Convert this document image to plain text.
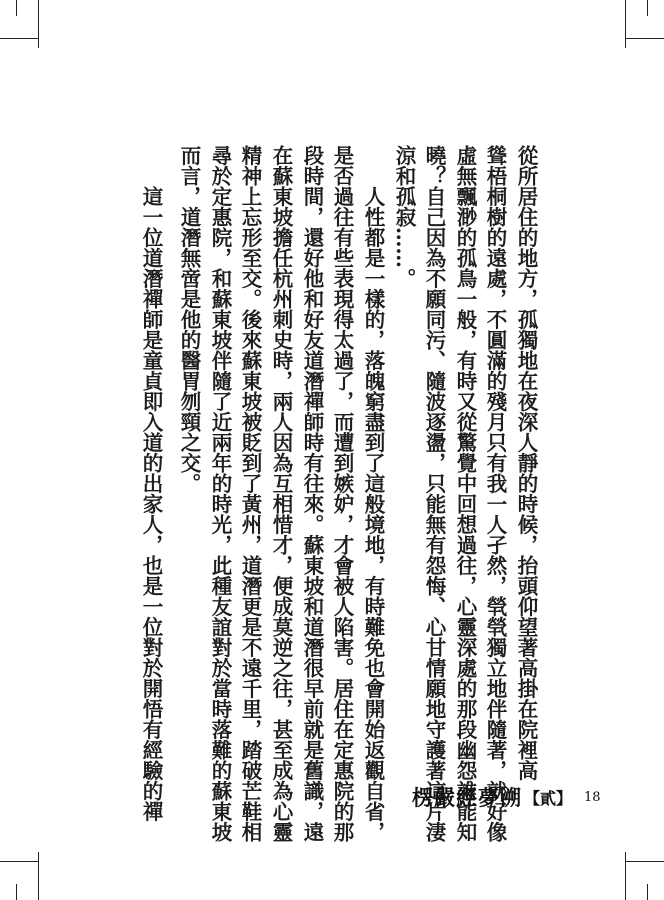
從所居住的地方，孤獨地在夜深人靜的時候，抬頭仰望著高掛在院裡高
聳梧桐樹的遠處，不圓滿的殘月只有我一人孑然，煢煢獨立地伴隨著，就好像
虛無飄渺的孤鳥一般，有時又從驚覺中回想過往，心靈深處的那段幽怨誰能知
曉？自己因為不願同污、隨波逐盪，只能無有怨悔、心甘情願地守護著這片淒
涼和孤寂……。
人性都是一樣的，落魄窮盡到了這般境地，有時難免也會開始返觀自省，
是否過往有些表現得太過了，而遭到嫉妒，才會被人陷害。居住在定惠院的那
段時間，還好他和好友道潛禪師時有往來。蘇東坡和道潛很早前就是舊識，遠
在蘇東坡擔任杭州刺史時，兩人因為互相惜才，便成莫逆之往，甚至成為心靈
精神上忘形至交。後來蘇東坡被貶到了黃州，道潛更是不遠千里，踏破芒鞋相
尋於定惠院，和蘇東坡伴隨了近兩年的時光，此種友誼對於當時落難的蘇東坡
而言，道潛無啻是他的醫胃刎頸之交。
這一位道潛禪師是童貞即入道的出家人，也是一位對於開悟有經驗的禪	楞嚴經夢溯 【貳】 18
